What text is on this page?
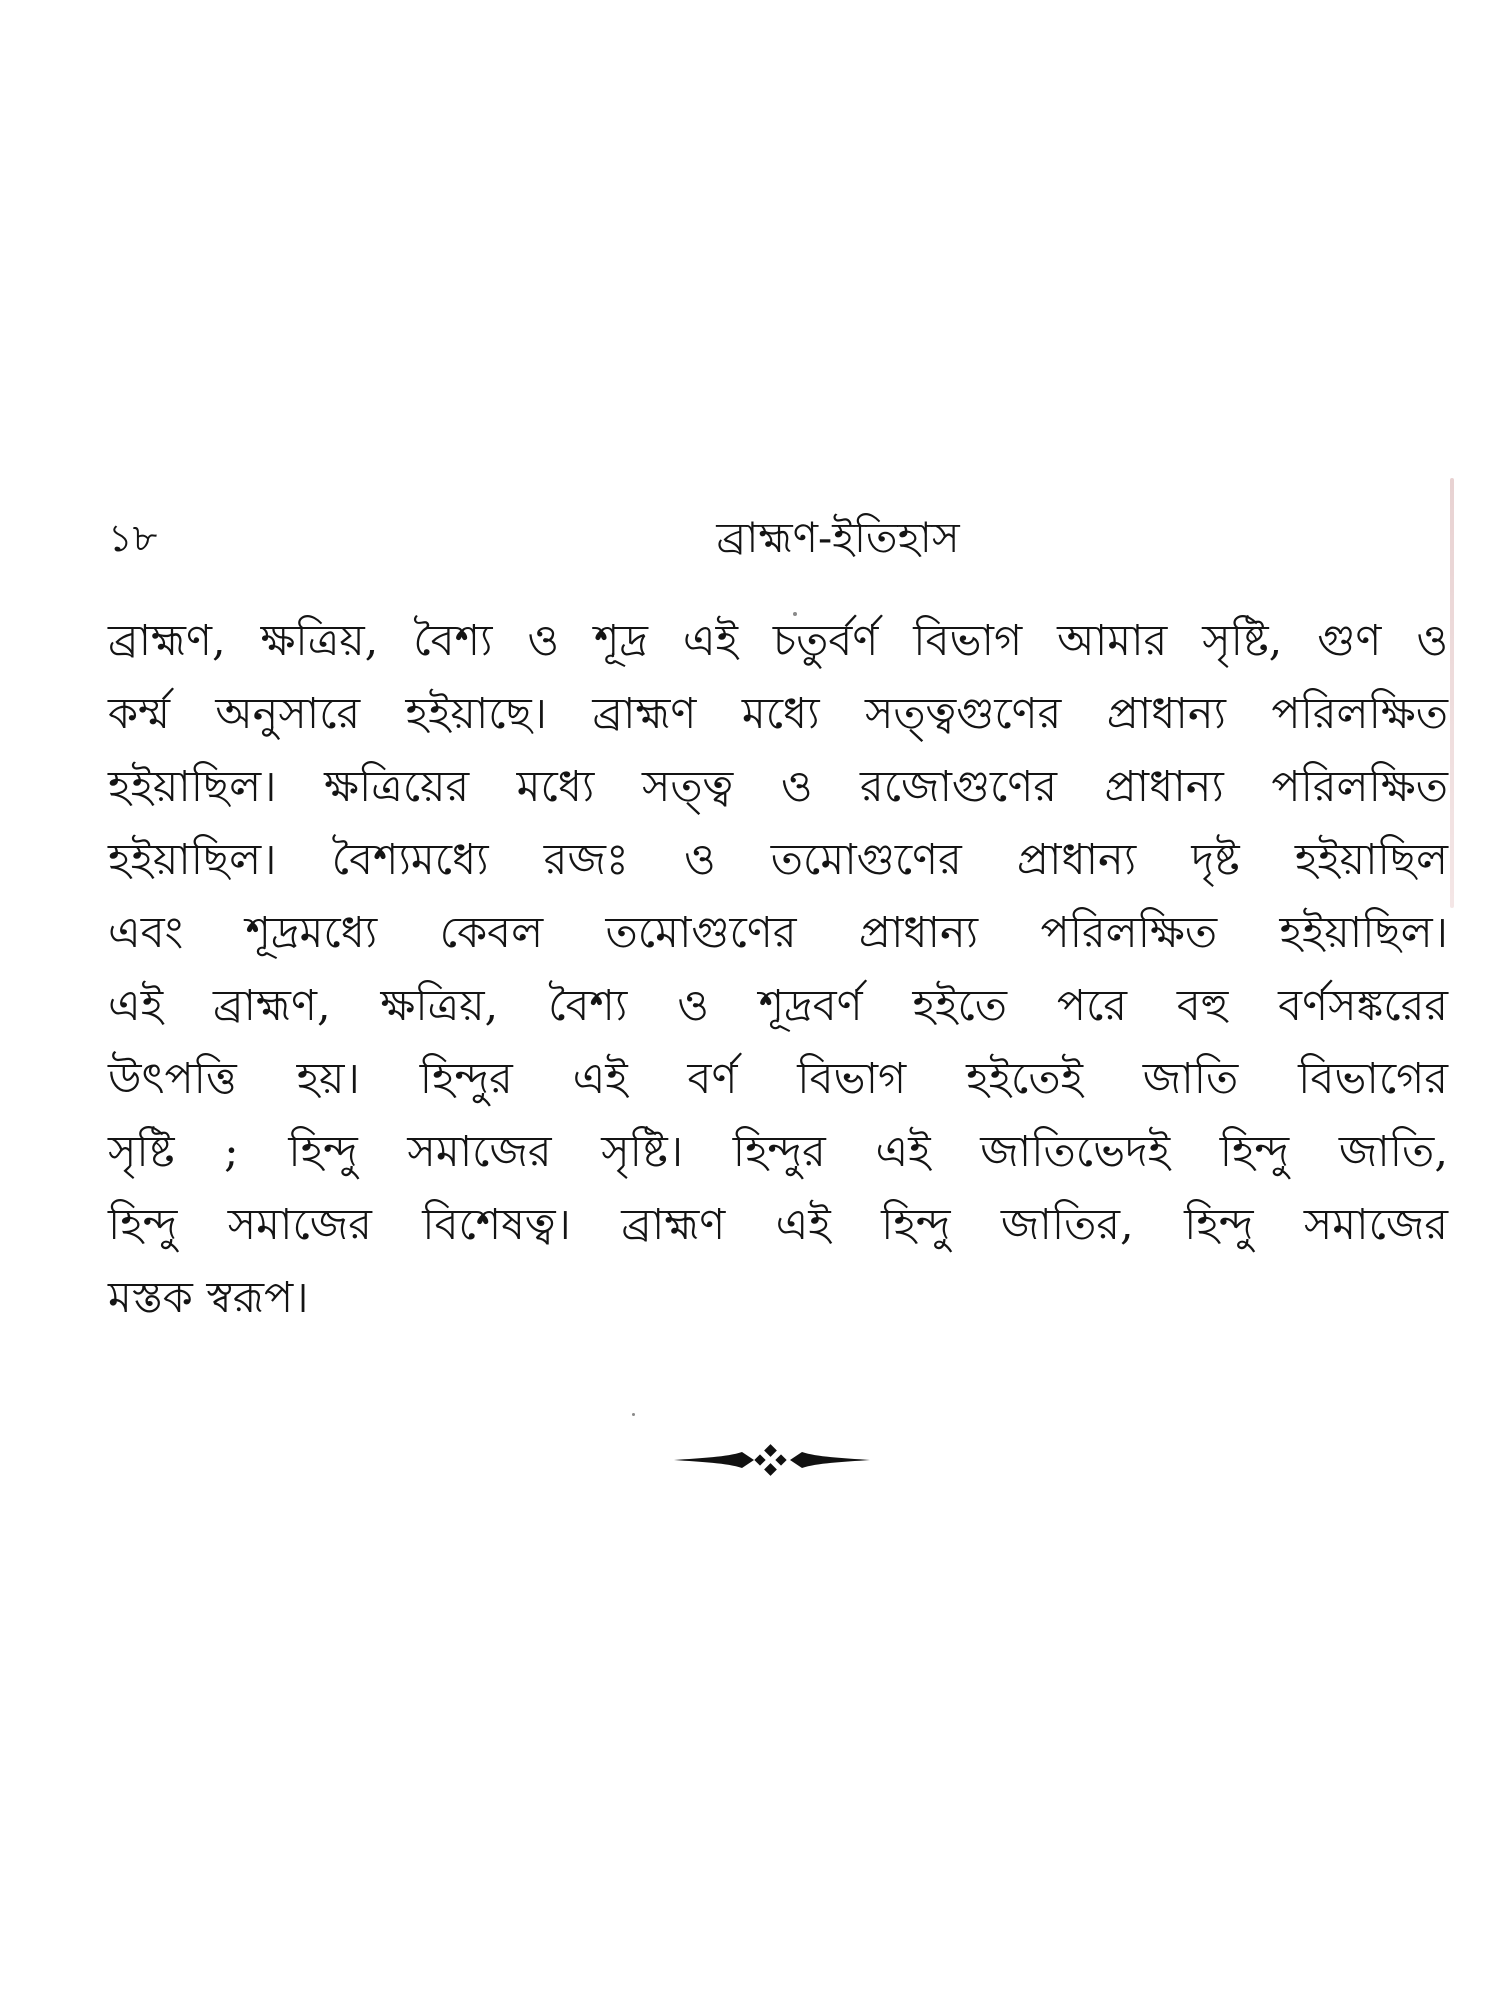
১৮	ব্রাহ্মণ-ইতিহাস

ব্রাহ্মণ, ক্ষত্রিয়, বৈশ্য ও শূদ্র এই চতুর্বর্ণ বিভাগ আমার সৃষ্টি, গুণ ও
কর্ম্ম অনুসারে হইয়াছে। ব্রাহ্মণ মধ্যে সত্ত্বগুণের প্রাধান্য পরিলক্ষিত
হইয়াছিল। ক্ষত্রিয়ের মধ্যে সত্ত্ব ও রজোগুণের প্রাধান্য পরিলক্ষিত
হইয়াছিল। বৈশ্যমধ্যে রজঃ ও তমোগুণের প্রাধান্য দৃষ্ট হইয়াছিল
এবং শূদ্রমধ্যে কেবল তমোগুণের প্রাধান্য পরিলক্ষিত হইয়াছিল।
এই ব্রাহ্মণ, ক্ষত্রিয়, বৈশ্য ও শূদ্রবর্ণ হইতে পরে বহু বর্ণসঙ্করের
উৎপত্তি হয়। হিন্দুর এই বর্ণ বিভাগ হইতেই জাতি বিভাগের
সৃষ্টি ; হিন্দু সমাজের সৃষ্টি। হিন্দুর এই জাতিভেদই হিন্দু জাতি,
হিন্দু সমাজের বিশেষত্ব। ব্রাহ্মণ এই হিন্দু জাতির, হিন্দু সমাজের
মস্তক স্বরূপ।
